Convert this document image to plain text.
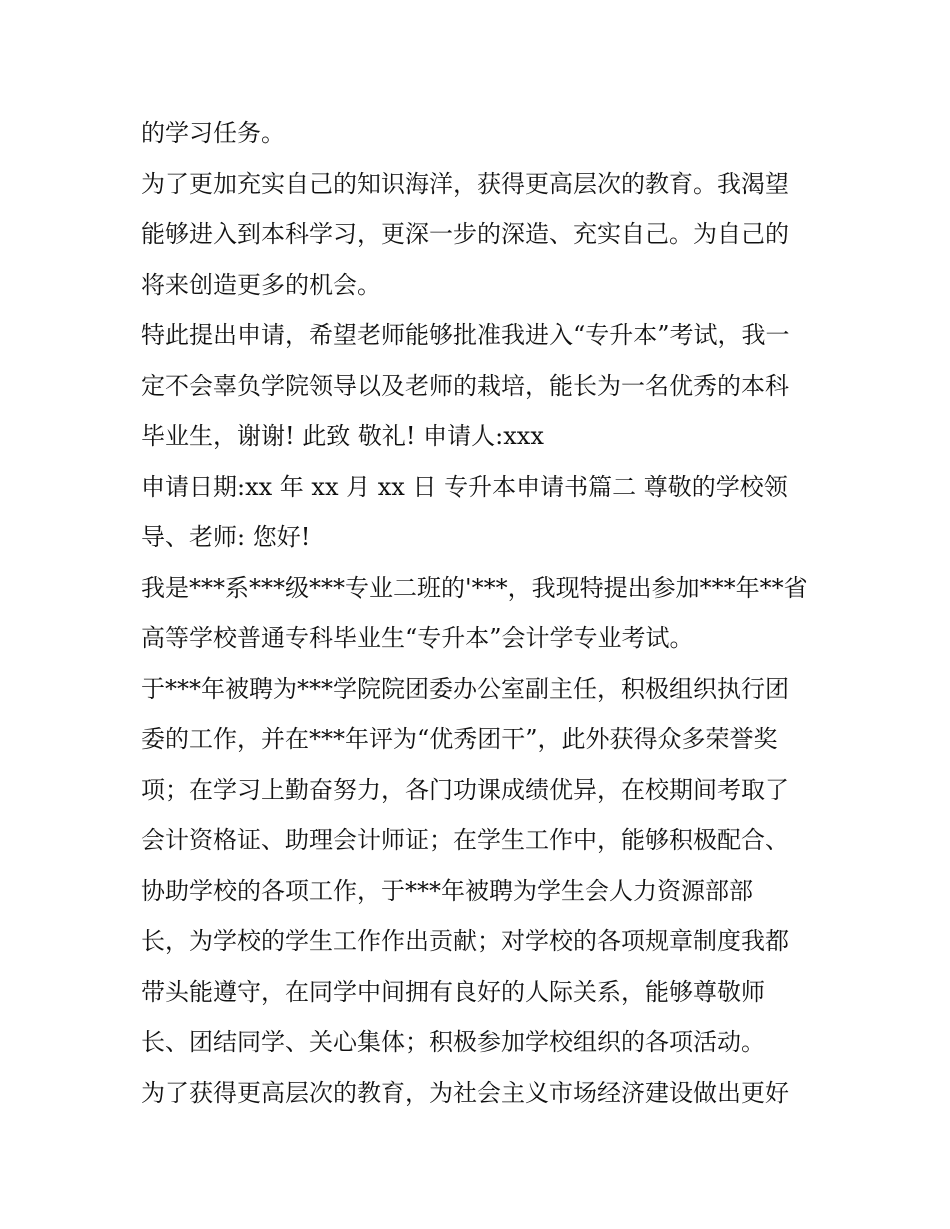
的学习任务。
为了更加充实自己的知识海洋，获得更高层次的教育。我渴望
能够进入到本科学习，更深一步的深造、充实自己。为自己的
将来创造更多的机会。
特此提出申请，希望老师能够批准我进入“专升本”考试，我一
定不会辜负学院领导以及老师的栽培，能长为一名优秀的本科
毕业生，谢谢! 此致 敬礼! 申请人:xxx
申请日期:xx 年 xx 月 xx 日 专升本申请书篇二 尊敬的学校领
导、老师: 您好!
我是***系***级***专业二班的'***，我现特提出参加***年**省
高等学校普通专科毕业生“专升本”会计学专业考试。
于***年被聘为***学院院团委办公室副主任，积极组织执行团
委的工作，并在***年评为“优秀团干”，此外获得众多荣誉奖
项；在学习上勤奋努力，各门功课成绩优异，在校期间考取了
会计资格证、助理会计师证；在学生工作中，能够积极配合、
协助学校的各项工作，于***年被聘为学生会人力资源部部
长，为学校的学生工作作出贡献；对学校的各项规章制度我都
带头能遵守，在同学中间拥有良好的人际关系，能够尊敬师
长、团结同学、关心集体；积极参加学校组织的各项活动。
为了获得更高层次的教育，为社会主义市场经济建设做出更好
